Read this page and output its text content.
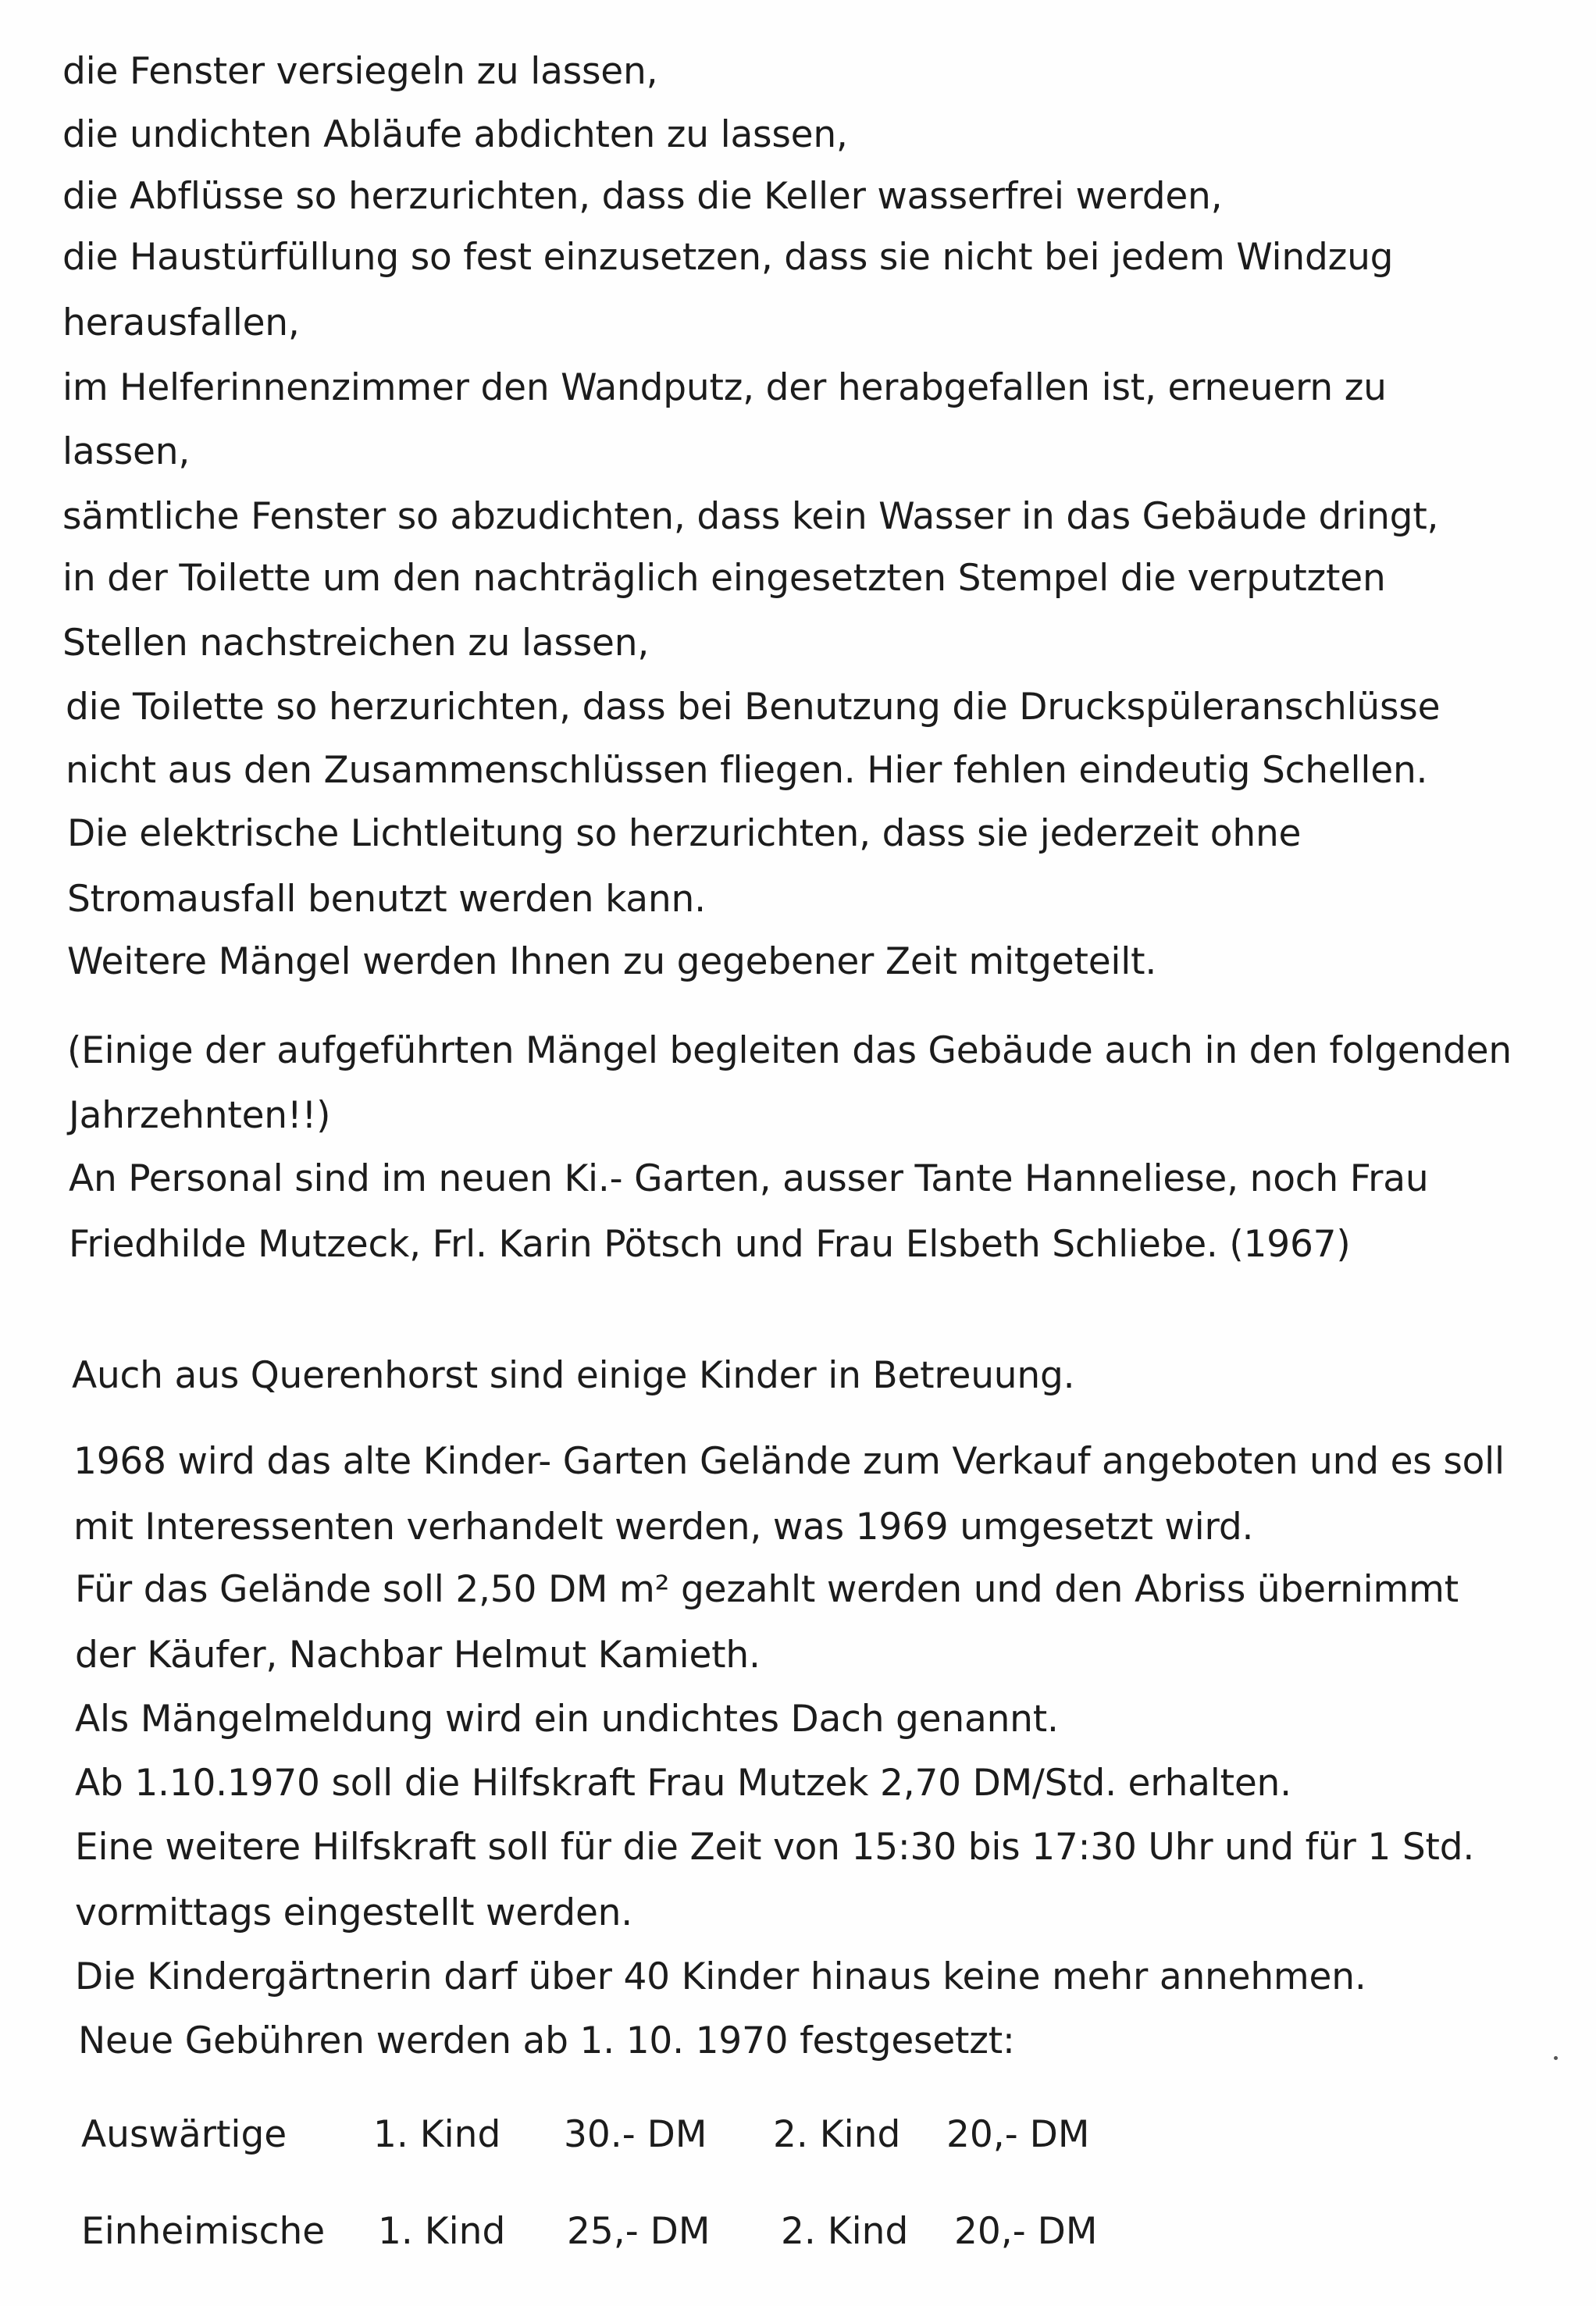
die Fenster versiegeln zu lassen,
die undichten Abläufe abdichten zu lassen,
die Abflüsse so herzurichten, dass die Keller wasserfrei werden,
die Haustürfüllung so fest einzusetzen, dass sie nicht bei jedem Windzug
herausfallen,
im Helferinnenzimmer den Wandputz, der herabgefallen ist, erneuern zu
lassen,
sämtliche Fenster so abzudichten, dass kein Wasser in das Gebäude dringt,
in der Toilette um den nachträglich eingesetzten Stempel die verputzten
Stellen nachstreichen zu lassen,
die Toilette so herzurichten, dass bei Benutzung die Druckspüleranschlüsse
nicht aus den Zusammenschlüssen fliegen. Hier fehlen eindeutig Schellen.
Die elektrische Lichtleitung so herzurichten, dass sie jederzeit ohne
Stromausfall benutzt werden kann.
Weitere Mängel werden Ihnen zu gegebener Zeit mitgeteilt.
(Einige der aufgeführten Mängel begleiten das Gebäude auch in den folgenden
Jahrzehnten!!)
An Personal sind im neuen Ki.- Garten, ausser Tante Hanneliese, noch Frau
Friedhilde Mutzeck, Frl. Karin Pötsch und Frau Elsbeth Schliebe. (1967)
Auch aus Querenhorst sind einige Kinder in Betreuung.
1968 wird das alte Kinder- Garten Gelände zum Verkauf angeboten und es soll
mit Interessenten verhandelt werden, was 1969 umgesetzt wird.
Für das Gelände soll 2,50 DM m² gezahlt werden und den Abriss übernimmt
der Käufer, Nachbar Helmut Kamieth.
Als Mängelmeldung wird ein undichtes Dach genannt.
Ab 1.10.1970 soll die Hilfskraft Frau Mutzek 2,70 DM/Std. erhalten.
Eine weitere Hilfskraft soll für die Zeit von 15:30 bis 17:30 Uhr und für 1 Std.
vormittags eingestellt werden.
Die Kindergärtnerin darf über 40 Kinder hinaus keine mehr annehmen.
Neue Gebühren werden ab 1. 10. 1970 festgesetzt:
Auswärtige 1. Kind 30.- DM 2. Kind 20,- DM
Einheimische 1. Kind 25,- DM 2. Kind 20,- DM
